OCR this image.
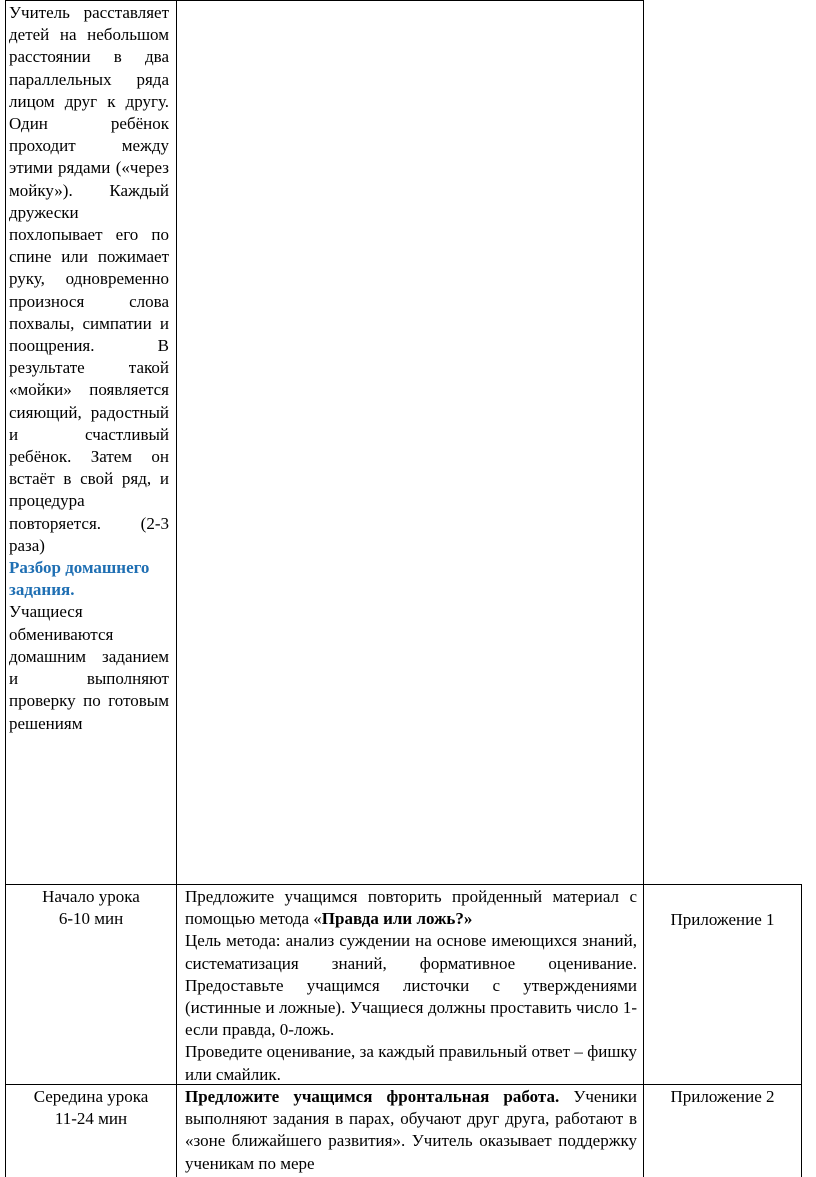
Учитель расставляет детей на небольшом расстоянии в два параллельных ряда лицом друг к другу. Один ребёнок проходит между этими рядами («через мойку»). Каждый дружески похлопывает его по спине или пожимает руку, одновременно произнося слова похвалы, симпатии и поощрения. В результате такой «мойки» появляется сияющий, радостный и счастливый ребёнок. Затем он встаёт в свой ряд, и процедура повторяется. (2-3 раза)

Разбор домашнего задания.

Учащиеся обмениваются домашним заданием и выполняют проверку по готовым решениям

Начало урока
6-10 мин

Предложите учащимся повторить пройденный материал с помощью метода «Правда или ложь?»

Цель метода: анализ суждении на основе имеющихся знаний, систематизация знаний, формативное оценивание. Предоставьте учащимся листочки с утверждениями (истинные и ложные). Учащиеся должны проставить число 1-если правда, 0-ложь.

Проведите оценивание, за каждый правильный ответ – фишку или смайлик.

Приложение 1
Середина урока
11-24 мин

Предложите учащимся фронтальная работа. Ученики выполняют задания в парах, обучают друг друга, работают в «зоне ближайшего развития». Учитель оказывает поддержку ученикам по мере

Приложение 2
